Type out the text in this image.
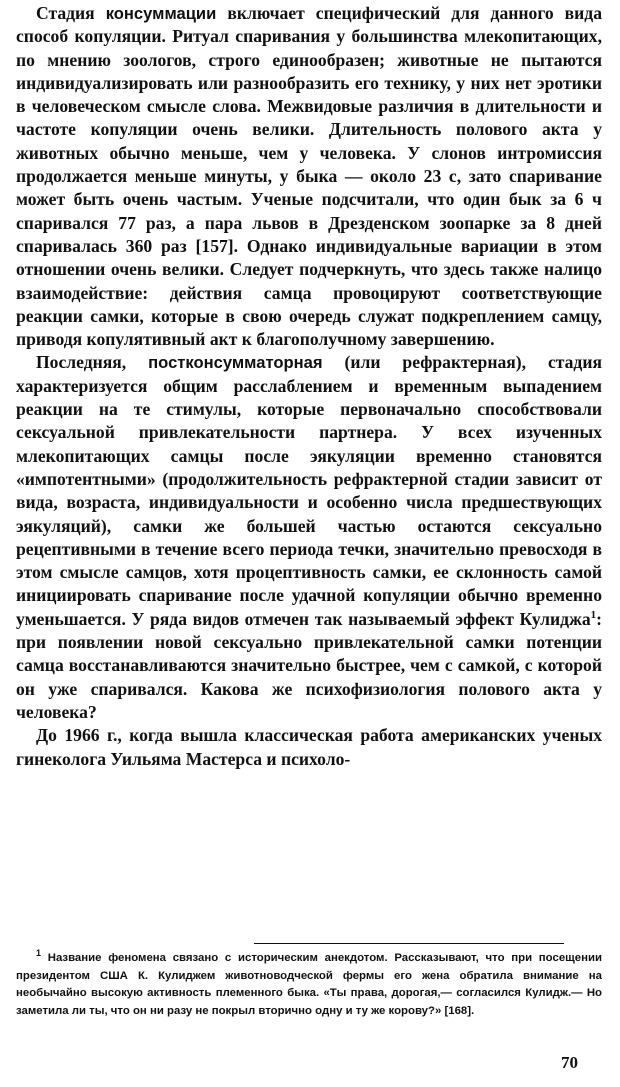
Стадия консуммации включает специфический для данного вида способ копуляции. Ритуал спаривания у большинства млекопитающих, по мнению зоологов, строго единообразен; животные не пытаются индивидуализировать или разнообразить его технику, у них нет эротики в человеческом смысле слова. Межвидовые различия в длительности и частоте копуляции очень велики. Длительность полового акта у животных обычно меньше, чем у человека. У слонов интромиссия продолжается меньше минуты, у быка — около 23 с, зато спаривание может быть очень частым. Ученые подсчитали, что один бык за 6 ч спаривался 77 раз, а пара львов в Дрезденском зоопарке за 8 дней спаривалась 360 раз [157]. Однако индивидуальные вариации в этом отношении очень велики. Следует подчеркнуть, что здесь также налицо взаимодействие: действия самца провоцируют соответствующие реакции самки, которые в свою очередь служат подкреплением самцу, приводя копулятивный акт к благополучному завершению.

Последняя, постконсумматорная (или рефрактерная), стадия характеризуется общим расслаблением и временным выпадением реакции на те стимулы, которые первоначально способствовали сексуальной привлекательности партнера. У всех изученных млекопитающих самцы после эякуляции временно становятся «импотентными» (продолжительность рефрактерной стадии зависит от вида, возраста, индивидуальности и особенно числа предшествующих эякуляций), самки же большей частью остаются сексуально рецептивными в течение всего периода течки, значительно превосходя в этом смысле самцов, хотя процептивность самки, ее склонность самой инициировать спаривание после удачной копуляции обычно временно уменьшается. У ряда видов отмечен так называемый эффект Кулиджа$^1$: при появлении новой сексуально привлекательной самки потенции самца восстанавливаются значительно быстрее, чем с самкой, с которой он уже спаривался. Какова же психофизиология полового акта у человека?

До 1966 г., когда вышла классическая работа американских ученых гинеколога Уильяма Мастерса и психоло-

$^1$ Название феномена связано с историческим анекдотом. Рассказывают, что при посещении президентом США К. Кулиджем животноводческой фермы его жена обратила внимание на необычайно высокую активность племенного быка. «Ты права, дорогая,— согласился Кулидж.— Но заметила ли ты, что он ни разу не покрыл вторично одну и ту же корову?» [168].

70
